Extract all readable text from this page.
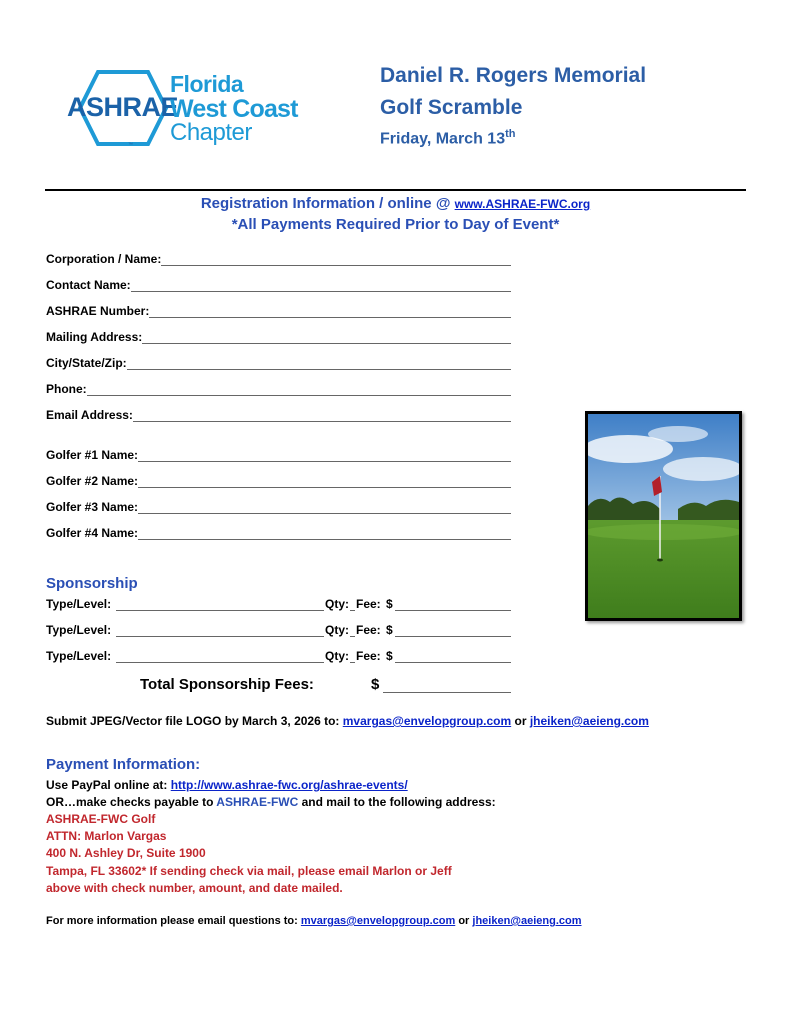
™
ASHRAE
Florida
West Coast
Chapter
Daniel R. Rogers Memorial
Golf Scramble
Friday, March 13th
Registration Information / online @ www.ASHRAE-FWC.org
*All Payments Required Prior to Day of Event*
Corporation / Name:
Contact Name:
ASHRAE Number:
Mailing Address:
City/State/Zip:
Phone:
Email Address:
Golfer #1 Name:
Golfer #2 Name:
Golfer #3 Name:
Golfer #4 Name:
Sponsorship
Type/Level:	Qty: Fee: $
Type/Level:	Qty: Fee: $
Type/Level:	Qty: Fee: $
Total Sponsorship Fees:	$
Submit JPEG/Vector file LOGO by March 3, 2026 to: mvargas@envelopgroup.com or jheiken@aeieng.com
Payment Information:
Use PayPal online at: http://www.ashrae-fwc.org/ashrae-events/
OR…make checks payable to ASHRAE-FWC and mail to the following address:
ASHRAE-FWC Golf
ATTN: Marlon Vargas
400 N. Ashley Dr, Suite 1900
Tampa, FL 33602* If sending check via mail, please email Marlon or Jeff
above with check number, amount, and date mailed.
For more information please email questions to: mvargas@envelopgroup.com or jheiken@aeieng.com
